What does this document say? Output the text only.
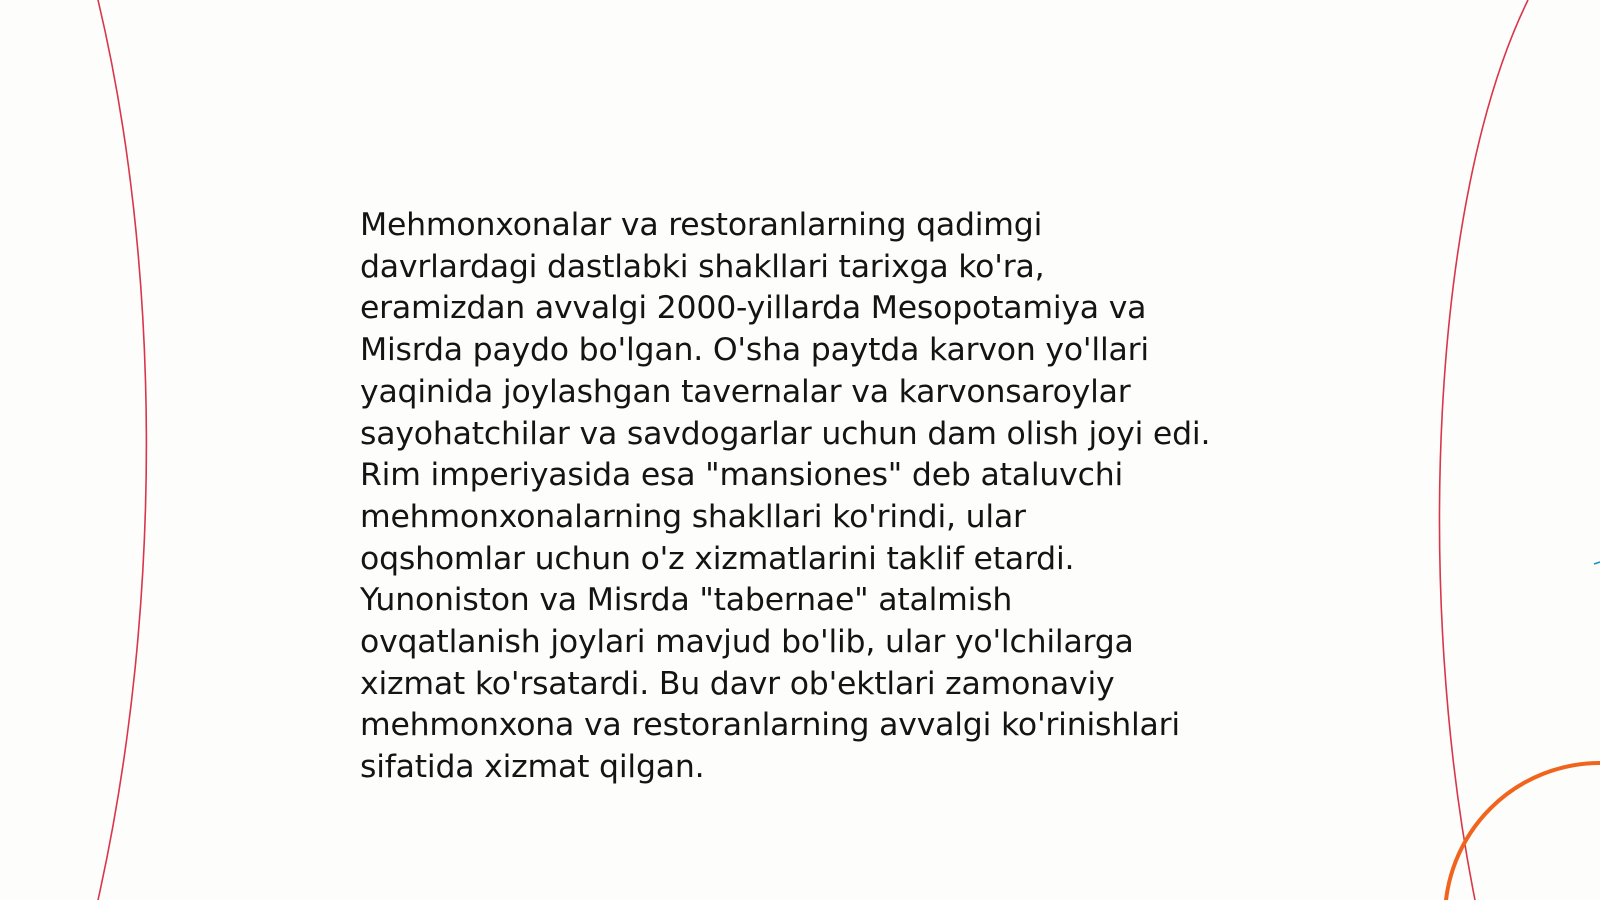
Mehmonxonalar va restoranlarning qadimgi
davrlardagi dastlabki shakllari tarixga ko'ra,
eramizdan avvalgi 2000-yillarda Mesopotamiya va
Misrda paydo bo'lgan. O'sha paytda karvon yo'llari
yaqinida joylashgan tavernalar va karvonsaroylar
sayohatchilar va savdogarlar uchun dam olish joyi edi.
Rim imperiyasida esa "mansiones" deb ataluvchi
mehmonxonalarning shakllari ko'rindi, ular
oqshomlar uchun o'z xizmatlarini taklif etardi.
Yunoniston va Misrda "tabernae" atalmish
ovqatlanish joylari mavjud bo'lib, ular yo'lchilarga
xizmat ko'rsatardi. Bu davr ob'ektlari zamonaviy
mehmonxona va restoranlarning avvalgi ko'rinishlari
sifatida xizmat qilgan.
